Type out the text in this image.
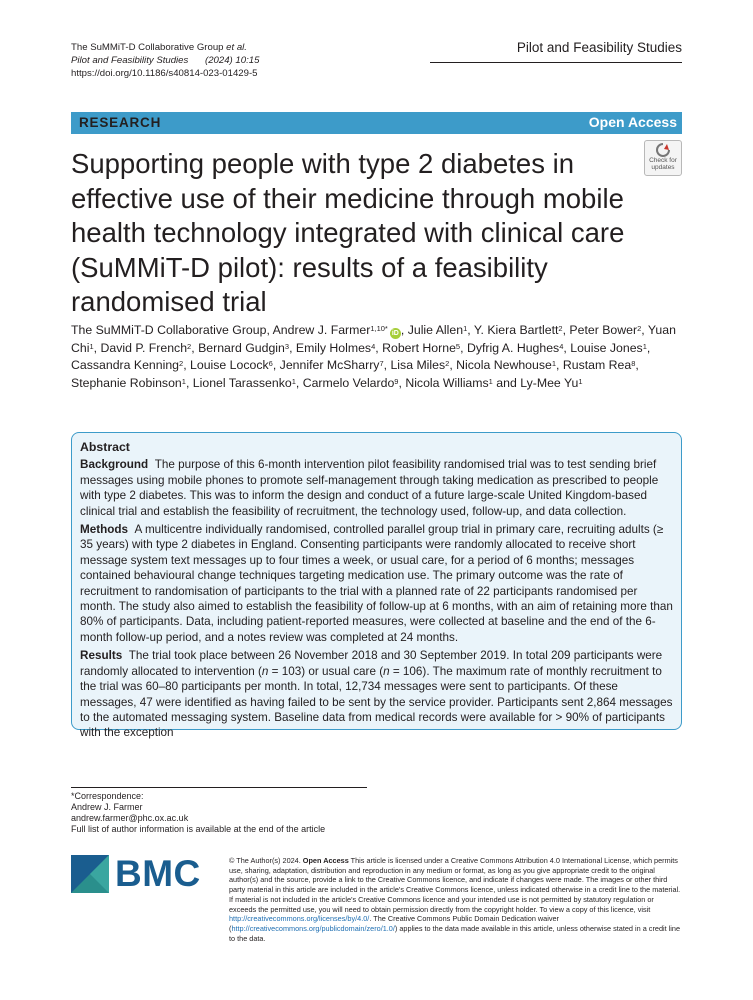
The SuMMiT-D Collaborative Group et al.
Pilot and Feasibility Studies (2024) 10:15
https://doi.org/10.1186/s40814-023-01429-5
Pilot and Feasibility Studies
RESEARCH	Open Access
Check for
updates
Supporting people with type 2 diabetes in effective use of their medicine through mobile health technology integrated with clinical care (SuMMiT-D pilot): results of a feasibility randomised trial
The SuMMiT-D Collaborative Group, Andrew J. Farmer$^{1,10*}$iD , Julie Allen$^1$, Y. Kiera Bartlett$^2$, Peter Bower$^2$, Yuan Chi$^1$, David P. French$^2$, Bernard Gudgin$^3$, Emily Holmes$^4$, Robert Horne$^5$, Dyfrig A. Hughes$^4$, Louise Jones$^1$, Cassandra Kenning$^2$, Louise Locock$^6$, Jennifer McSharry$^7$, Lisa Miles$^2$, Nicola Newhouse$^1$, Rustam Rea$^8$, Stephanie Robinson$^1$, Lionel Tarassenko$^1$, Carmelo Velardo$^9$, Nicola Williams$^1$ and Ly-Mee Yu$^1$
Abstract

Background The purpose of this 6-month intervention pilot feasibility randomised trial was to test sending brief messages using mobile phones to promote self-management through taking medication as prescribed to people with type 2 diabetes. This was to inform the design and conduct of a future large-scale United Kingdom-based clinical trial and establish the feasibility of recruitment, the technology used, follow-up, and data collection.

Methods A multicentre individually randomised, controlled parallel group trial in primary care, recruiting adults (≥ 35 years) with type 2 diabetes in England. Consenting participants were randomly allocated to receive short message system text messages up to four times a week, or usual care, for a period of 6 months; messages contained behavioural change techniques targeting medication use. The primary outcome was the rate of recruitment to randomisation of participants to the trial with a planned rate of 22 participants randomised per month. The study also aimed to establish the feasibility of follow-up at 6 months, with an aim of retaining more than 80% of participants. Data, including patient-reported measures, were collected at baseline and the end of the 6-month follow-up period, and a notes review was completed at 24 months.

Results The trial took place between 26 November 2018 and 30 September 2019. In total 209 participants were randomly allocated to intervention (n = 103) or usual care (n = 106). The maximum rate of monthly recruitment to the trial was 60–80 participants per month. In total, 12,734 messages were sent to participants. Of these messages, 47 were identified as having failed to be sent by the service provider. Participants sent 2,864 messages to the automated messaging system. Baseline data from medical records were available for > 90% of participants with the exception

*Correspondence:
Andrew J. Farmer
andrew.farmer@phc.ox.ac.uk
Full list of author information is available at the end of the article
BMC	© The Author(s) 2024. Open Access This article is licensed under a Creative Commons Attribution 4.0 International License, which permits use, sharing, adaptation, distribution and reproduction in any medium or format, as long as you give appropriate credit to the original author(s) and the source, provide a link to the Creative Commons licence, and indicate if changes were made. The images or other third party material in this article are included in the article's Creative Commons licence, unless indicated otherwise in a credit line to the material. If material is not included in the article's Creative Commons licence and your intended use is not permitted by statutory regulation or exceeds the permitted use, you will need to obtain permission directly from the copyright holder. To view a copy of this licence, visit http://creativecommons.org/licenses/by/4.0/. The Creative Commons Public Domain Dedication waiver (http://creativecommons.org/publicdomain/zero/1.0/) applies to the data made available in this article, unless otherwise stated in a credit line to the data.
